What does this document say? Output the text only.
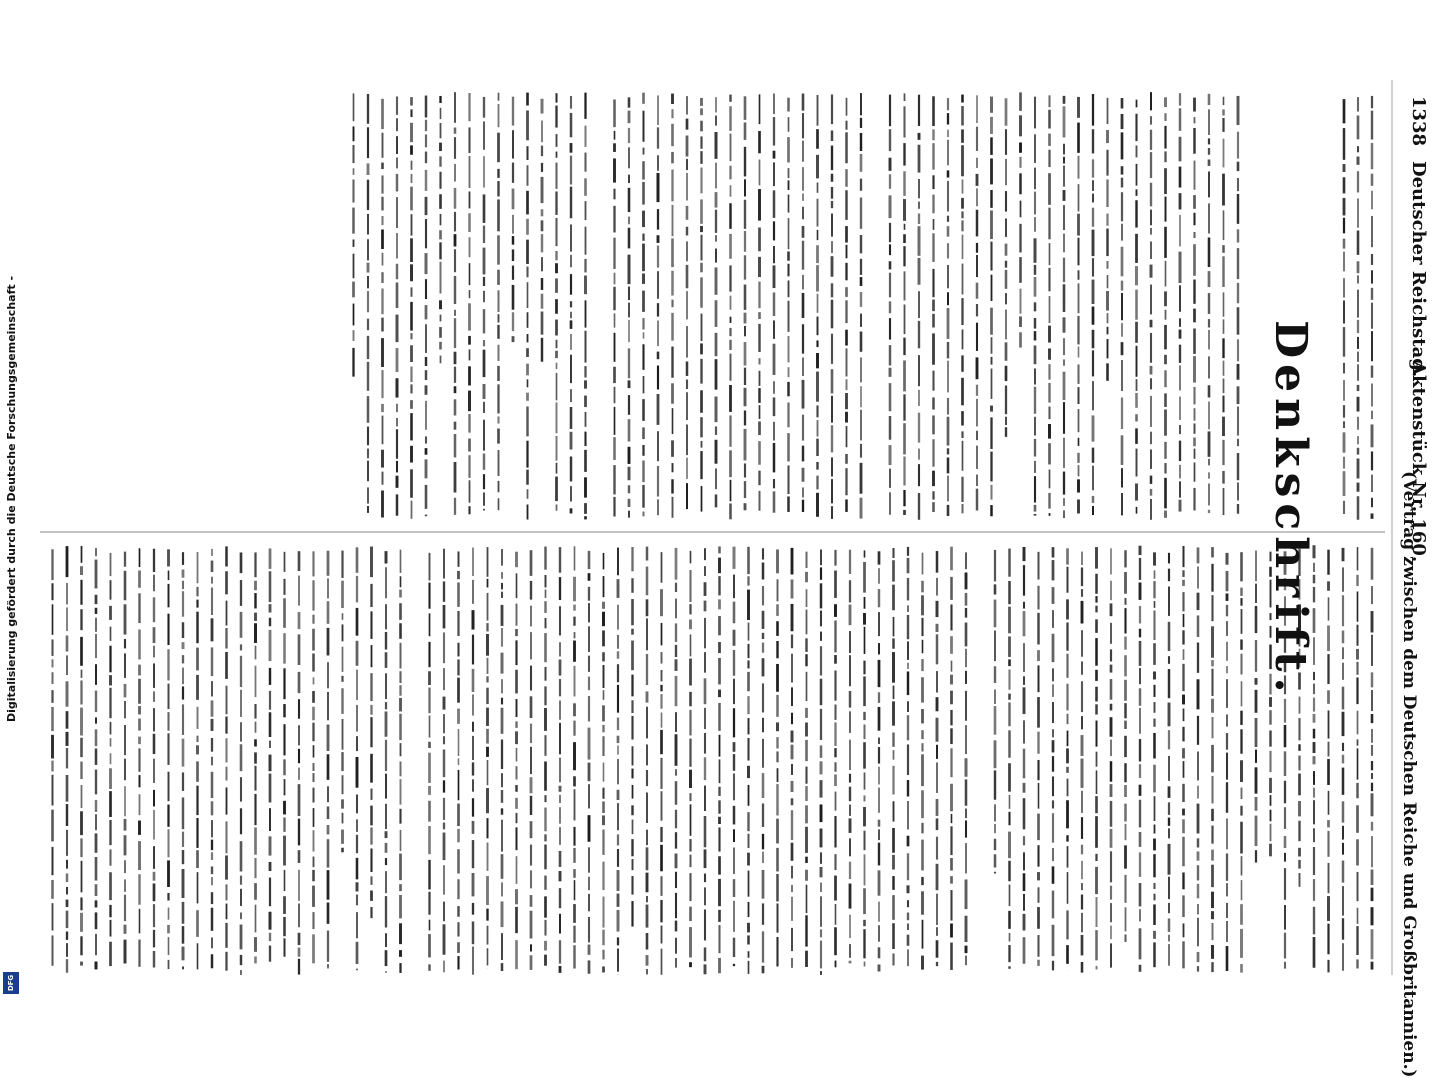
Digitalisierung gefördert durch die Deutsche Forschungsgemeinschaft -
DFG
1338
Deutscher Reichstag.
Aktenstück Nr. 160.
(Vertrag zwischen dem Deutschen Reiche und Großbritannien.)
Denkschrift.
